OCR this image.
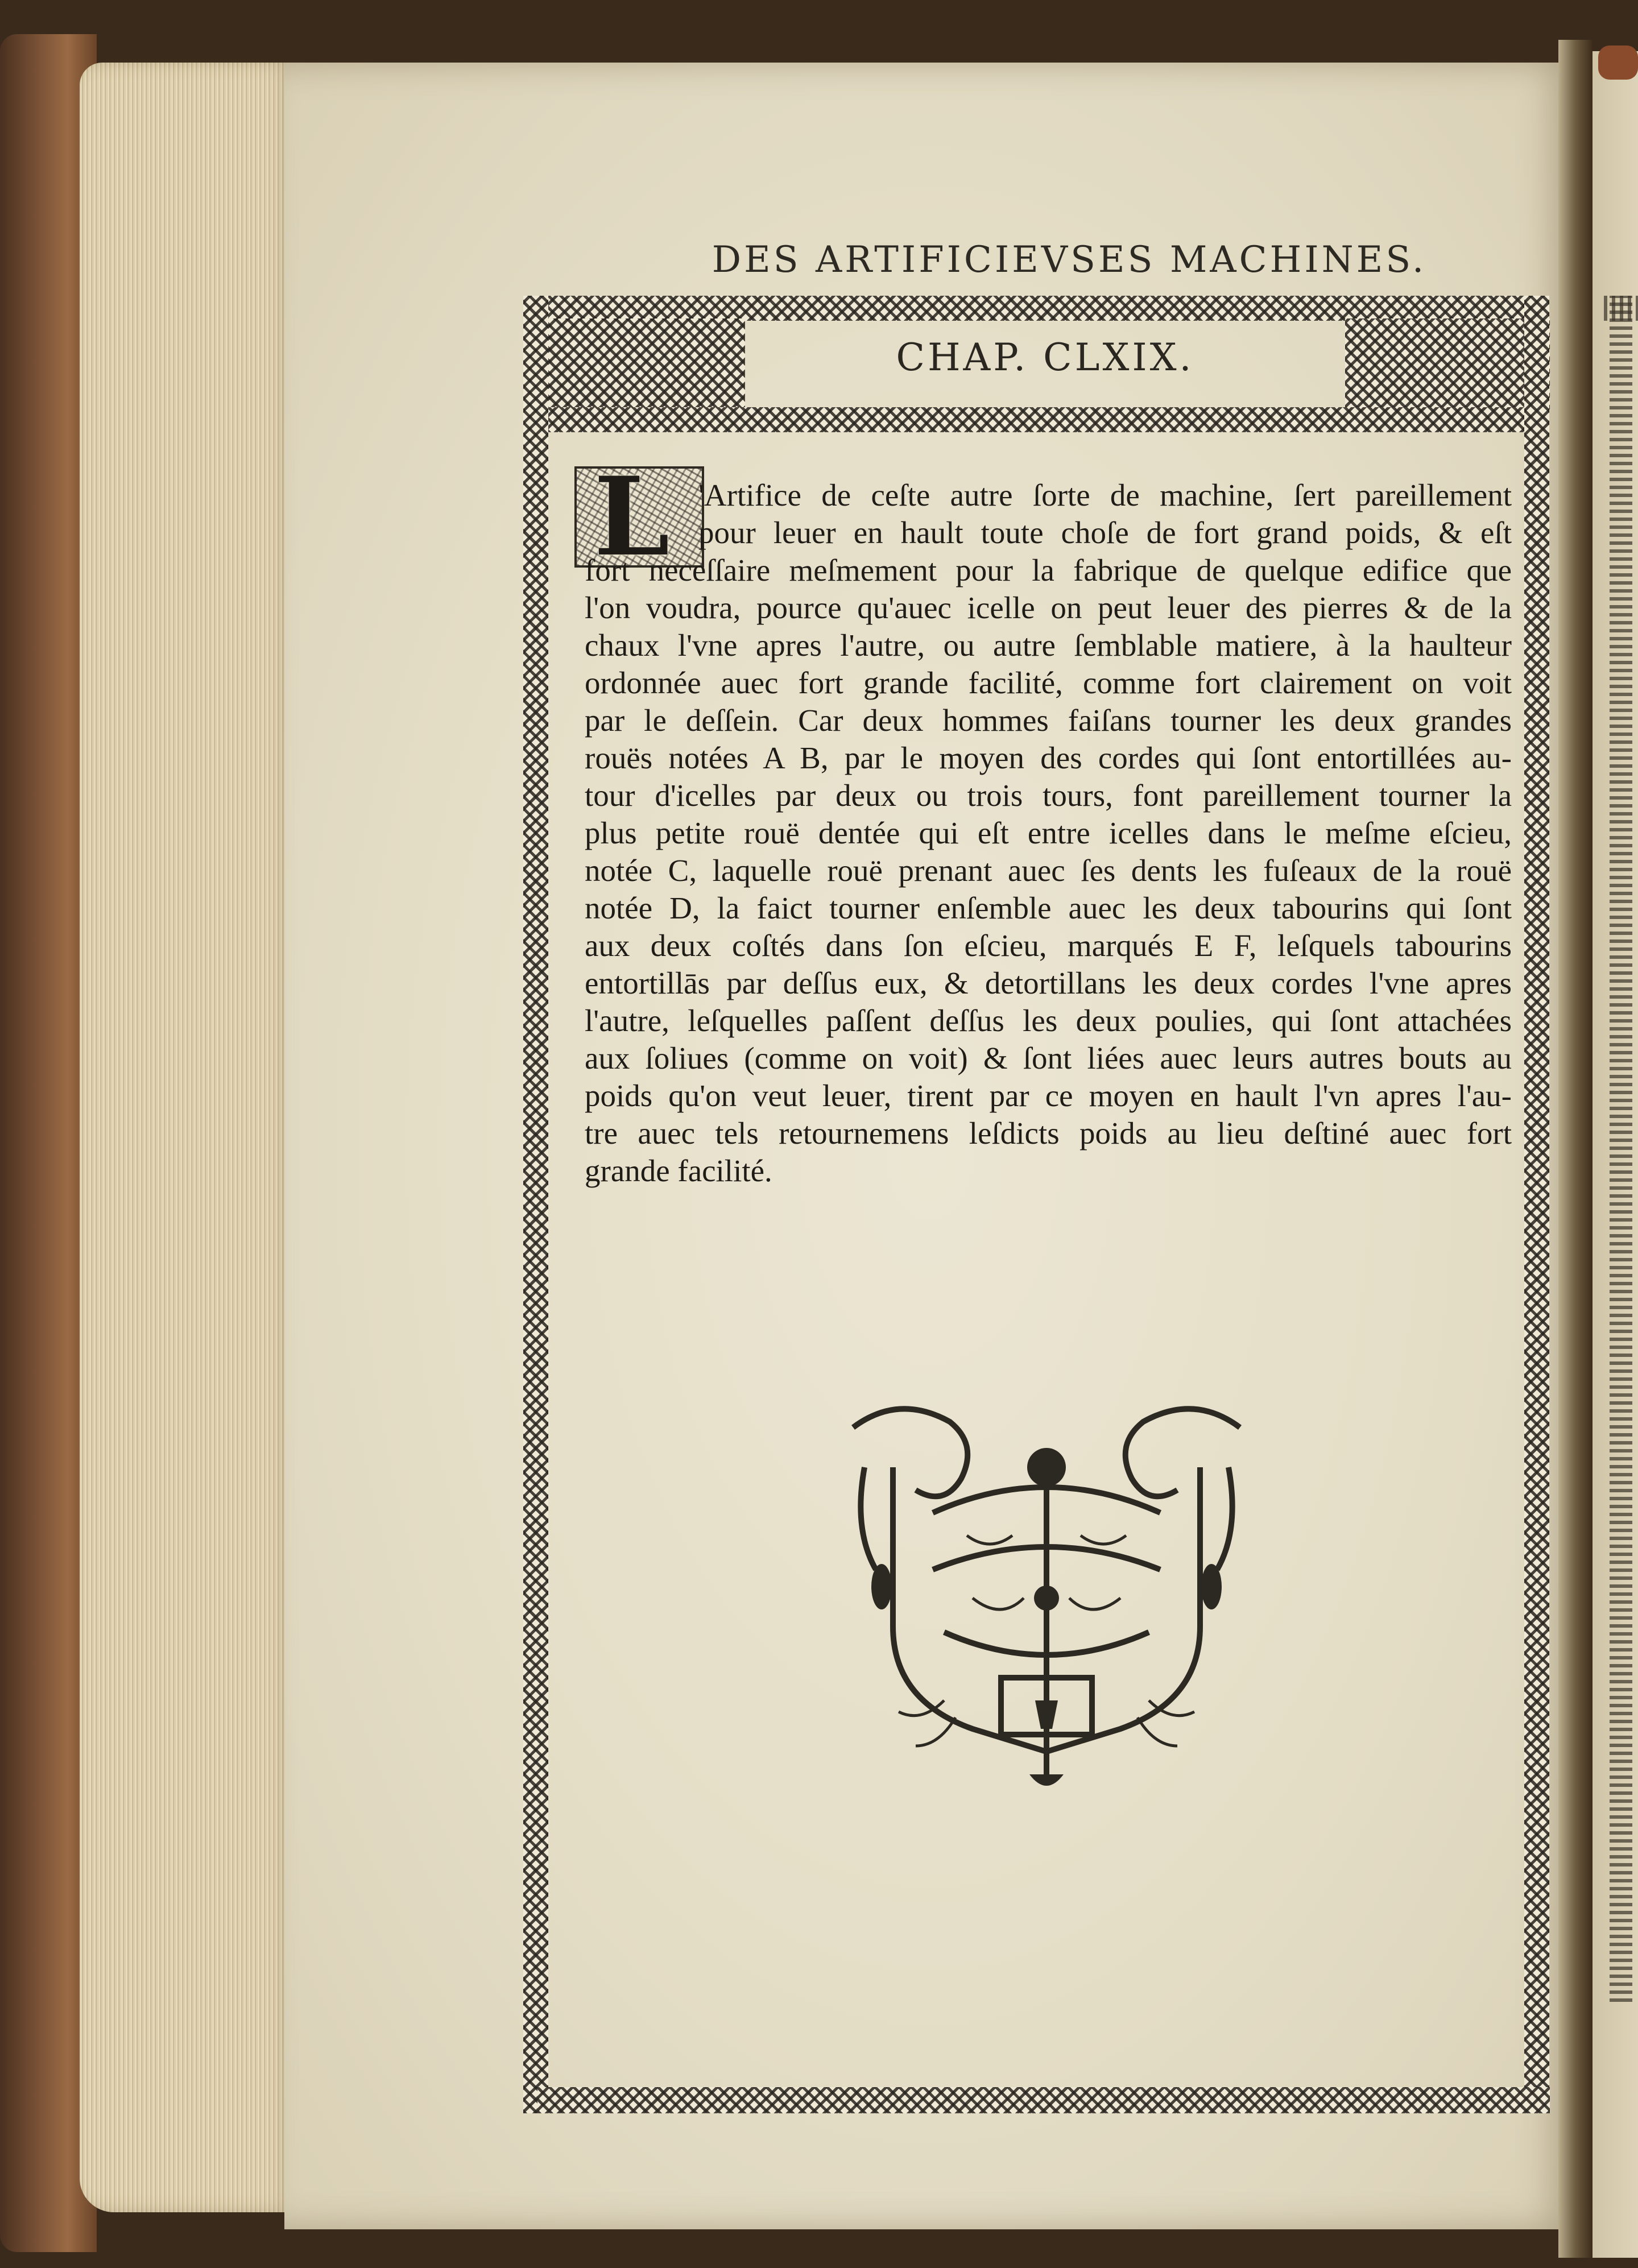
DES ARTIFICIEVSES MACHINES.
CHAP. CLXIX.
L 'Artifice de ceſte autre ſorte de machine, ſert pareillement
pour leuer en hault toute choſe de fort grand poids, & eſt
fort neceſſaire meſmement pour la fabrique de quelque edifice que
l'on voudra, pource qu'auec icelle on peut leuer des pierres & de la
chaux l'vne apres l'autre, ou autre ſemblable matiere, à la haulteur
ordonnée auec fort grande facilité, comme fort clairement on voit
par le deſſein. Car deux hommes faiſans tourner les deux grandes
rouës notées A B, par le moyen des cordes qui ſont entortillées au-
tour d'icelles par deux ou trois tours, font pareillement tourner la
plus petite rouë dentée qui eſt entre icelles dans le meſme eſcieu,
notée C, laquelle rouë prenant auec ſes dents les fuſeaux de la rouë
notée D, la faict tourner enſemble auec les deux tabourins qui ſont
aux deux coſtés dans ſon eſcieu, marqués E F, leſquels tabourins
entortillās par deſſus eux, & detortillans les deux cordes l'vne apres
l'autre, leſquelles paſſent deſſus les deux poulies, qui ſont attachées
aux ſoliues (comme on voit) & ſont liées auec leurs autres bouts au
poids qu'on veut leuer, tirent par ce moyen en hault l'vn apres l'au-
tre auec tels retournemens leſdicts poids au lieu deſtiné auec fort
grande facilité.
